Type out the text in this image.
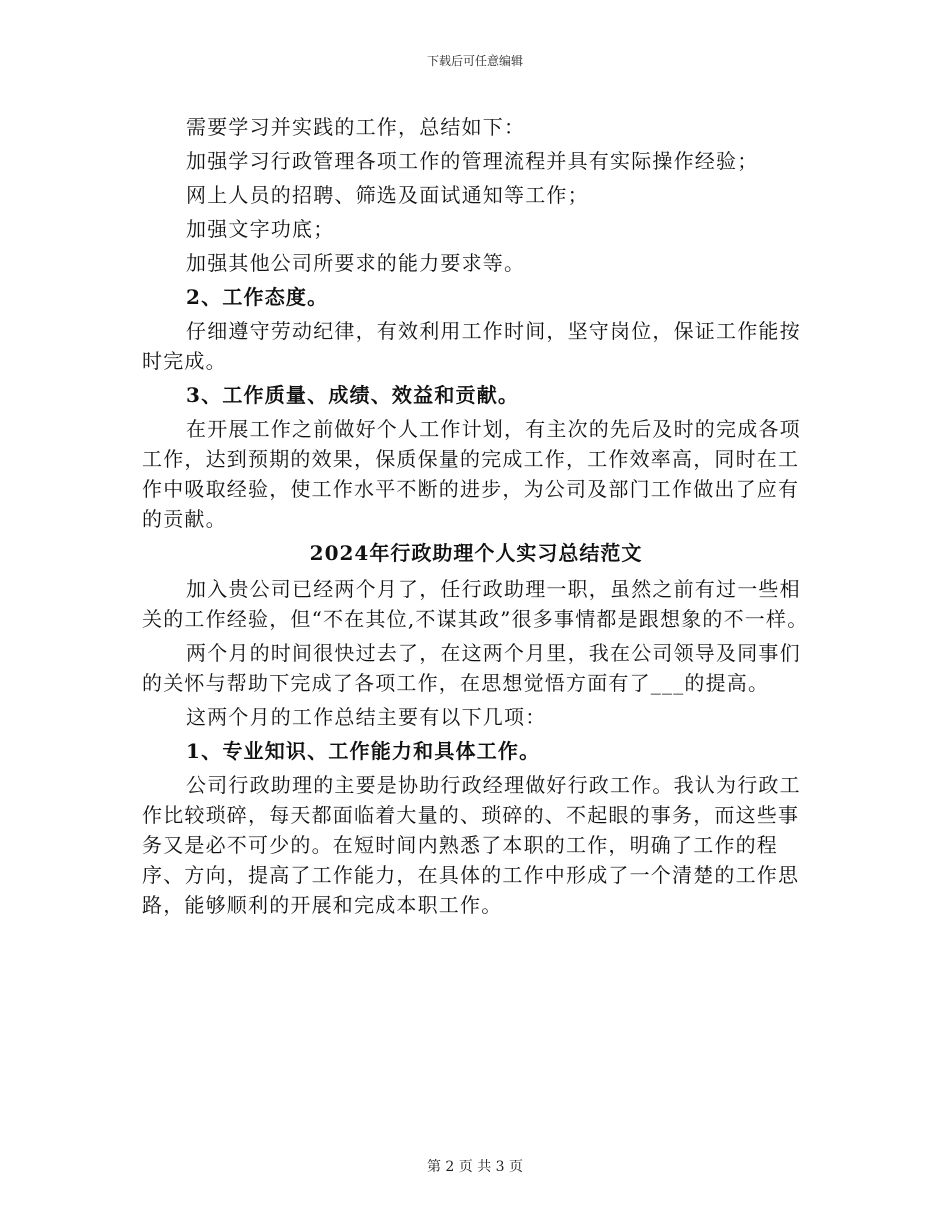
下载后可任意编辑

需要学习并实践的工作，总结如下：

加强学习行政管理各项工作的管理流程并具有实际操作经验；

网上人员的招聘、筛选及面试通知等工作；

加强文字功底；

加强其他公司所要求的能力要求等。

2、工作态度。

仔细遵守劳动纪律，有效利用工作时间，坚守岗位，保证工作能按时完成。

3、工作质量、成绩、效益和贡献。

在开展工作之前做好个人工作计划，有主次的先后及时的完成各项工作，达到预期的效果，保质保量的完成工作，工作效率高，同时在工作中吸取经验，使工作水平不断的进步，为公司及部门工作做出了应有的贡献。

2024年行政助理个人实习总结范文

加入贵公司已经两个月了，任行政助理一职，虽然之前有过一些相关的工作经验，但“不在其位,不谋其政”很多事情都是跟想象的不一样。

两个月的时间很快过去了，在这两个月里，我在公司领导及同事们的关怀与帮助下完成了各项工作，在思想觉悟方面有了___的提高。

这两个月的工作总结主要有以下几项：

1、专业知识、工作能力和具体工作。

公司行政助理的主要是协助行政经理做好行政工作。我认为行政工作比较琐碎，每天都面临着大量的、琐碎的、不起眼的事务，而这些事务又是必不可少的。在短时间内熟悉了本职的工作，明确了工作的程序、方向，提高了工作能力，在具体的工作中形成了一个清楚的工作思路，能够顺利的开展和完成本职工作。

第 2 页 共 3 页
